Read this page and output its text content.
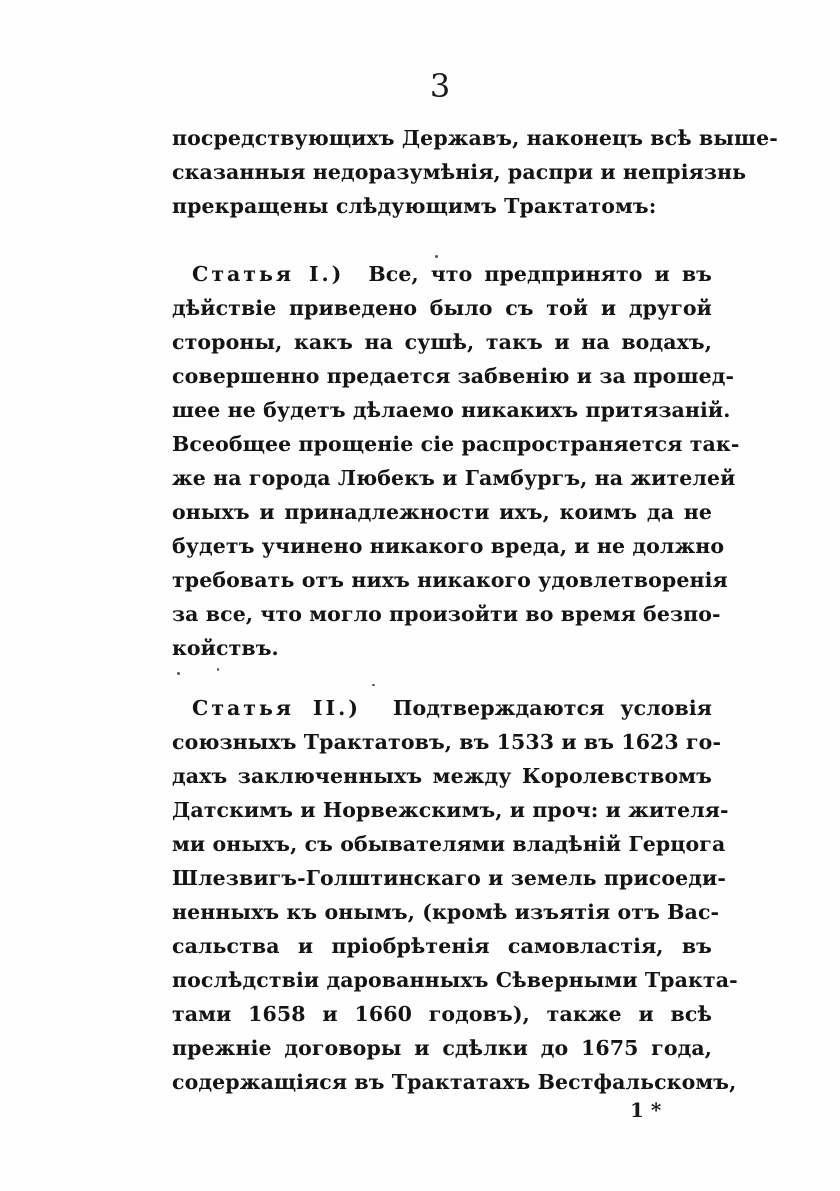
3
посредствующихъ Державъ, наконецъ всѣ выше-
сказанныя недоразумѣнія, распри и непріязнь
прекращены слѣдующимъ Трактатомъ:
Статья I.) Все, что предпринято и въ
дѣйствіе приведено было съ той и другой
стороны, какъ на сушѣ, такъ и на водахъ,
совершенно предается забвенію и за прошед-
шее не будетъ дѣлаемо никакихъ притязаній.
Всеобщее прощеніе сіе распространяется так-
же на города Любекъ и Гамбургъ, на жителей
оныхъ и принадлежности ихъ, коимъ да не
будетъ учинено никакого вреда, и не должно
требовать отъ нихъ никакого удовлетворенія
за все, что могло произойти во время безпо-
койствъ.
Статья II.) Подтверждаются условія
союзныхъ Трактатовъ, въ 1533 и въ 1623 го-
дахъ заключенныхъ между Королевствомъ
Датскимъ и Норвежскимъ, и проч: и жителя-
ми оныхъ, съ обывателями владѣній Герцога
Шлезвигъ-Голштинскаго и земель присоеди-
ненныхъ къ онымъ, (кромѣ изъятія отъ Вас-
сальства и пріобрѣтенія самовластія, въ
послѣдствіи дарованныхъ Сѣверными Тракта-
тами 1658 и 1660 годовъ), также и всѣ
прежніе договоры и сдѣлки до 1675 года,
содержащіяся въ Трактатахъ Вестфальскомъ,
1 *
